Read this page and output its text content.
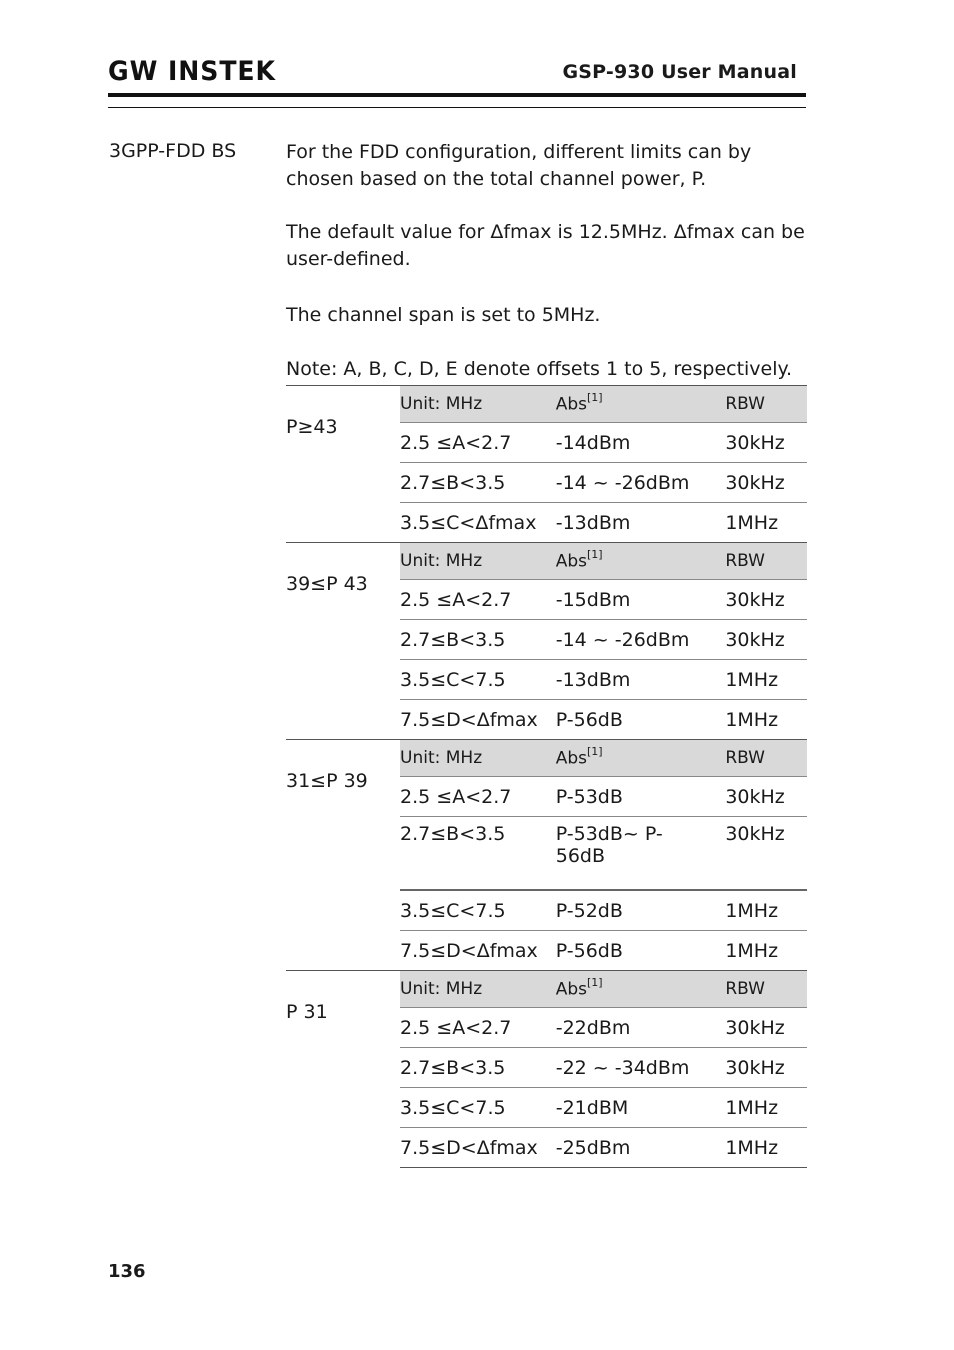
GW INSTEK	GSP-930 User Manual
3GPP-FDD BS	For the FDD configuration, different limits can by chosen based on the total channel power, P.
The default value for Δfmax is 12.5MHz. Δfmax can be user-defined.
The channel span is set to 5MHz.
Note: A, B, C, D, E denote offsets 1 to 5, respectively.
P≥43	Unit: MHz	Abs[1]	RBW
	2.5 ≤A<2.7	-14dBm	30kHz
	2.7≤B<3.5	-14 ~ -26dBm	30kHz
	3.5≤C<Δfmax	-13dBm	1MHz
39≤P 43	Unit: MHz	Abs[1]	RBW
	2.5 ≤A<2.7	-15dBm	30kHz
	2.7≤B<3.5	-14 ~ -26dBm	30kHz
	3.5≤C<7.5	-13dBm	1MHz
	7.5≤D<Δfmax	P-56dB	1MHz
31≤P 39	Unit: MHz	Abs[1]	RBW
	2.5 ≤A<2.7	P-53dB	30kHz
	2.7≤B<3.5	P-53dB~ P-56dB	30kHz
	3.5≤C<7.5	P-52dB	1MHz
	7.5≤D<Δfmax	P-56dB	1MHz
P 31	Unit: MHz	Abs[1]	RBW
	2.5 ≤A<2.7	-22dBm	30kHz
	2.7≤B<3.5	-22 ~ -34dBm	30kHz
	3.5≤C<7.5	-21dBM	1MHz
	7.5≤D<Δfmax	-25dBm	1MHz
136
